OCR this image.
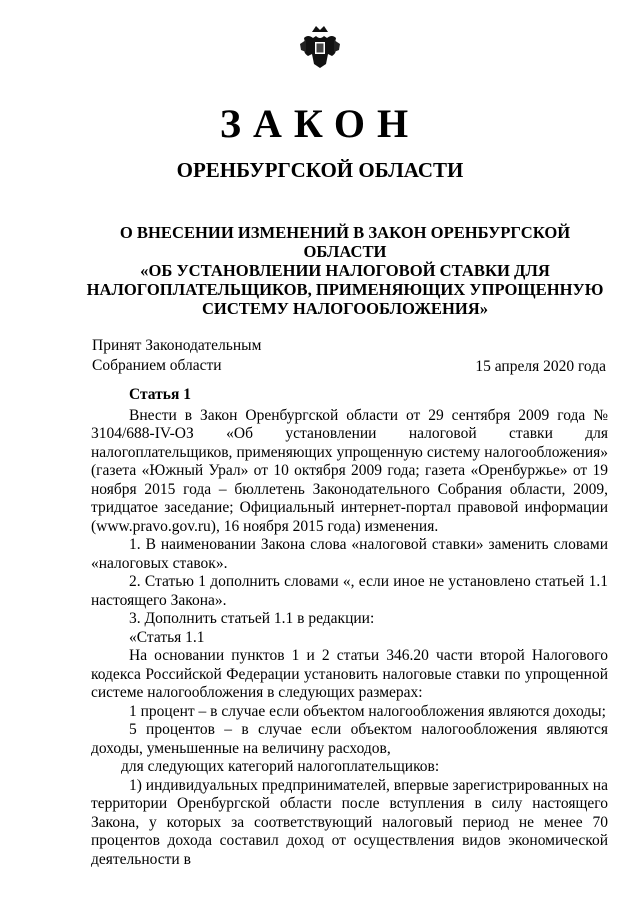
ЗАКОН
ОРЕНБУРГСКОЙ ОБЛАСТИ
О ВНЕСЕНИИ ИЗМЕНЕНИЙ В ЗАКОН ОРЕНБУРГСКОЙ ОБЛАСТИ
«ОБ УСТАНОВЛЕНИИ НАЛОГОВОЙ СТАВКИ ДЛЯ
НАЛОГОПЛАТЕЛЬЩИКОВ, ПРИМЕНЯЮЩИХ УПРОЩЕННУЮ
СИСТЕМУ НАЛОГООБЛОЖЕНИЯ»
Принят Законодательным
Собранием области	15 апреля 2020 года

Статья 1

Внести в Закон Оренбургской области от 29 сентября 2009 года № 3104/688-IV-ОЗ «Об установлении налоговой ставки для налогоплательщиков, применяющих упрощенную систему налогообложения» (газета «Южный Урал» от 10 октября 2009 года; газета «Оренбуржье» от 19 ноября 2015 года – бюллетень Законодательного Собрания области, 2009, тридцатое заседание; Официальный интернет-портал правовой информации (www.pravo.gov.ru), 16 ноября 2015 года) изменения.

1. В наименовании Закона слова «налоговой ставки» заменить словами «налоговых ставок».

2. Статью 1 дополнить словами «, если иное не установлено статьей 1.1 настоящего Закона».

3. Дополнить статьей 1.1 в редакции:

«Статья 1.1

На основании пунктов 1 и 2 статьи 346.20 части второй Налогового кодекса Российской Федерации установить налоговые ставки по упрощенной системе налогообложения в следующих размерах:

1 процент – в случае если объектом налогообложения являются доходы;

5 процентов – в случае если объектом налогообложения являются доходы, уменьшенные на величину расходов,

для следующих категорий налогоплательщиков:

1) индивидуальных предпринимателей, впервые зарегистрированных на территории Оренбургской области после вступления в силу настоящего Закона, у которых за соответствующий налоговый период не менее 70 процентов дохода составил доход от осуществления видов экономической деятельности в
